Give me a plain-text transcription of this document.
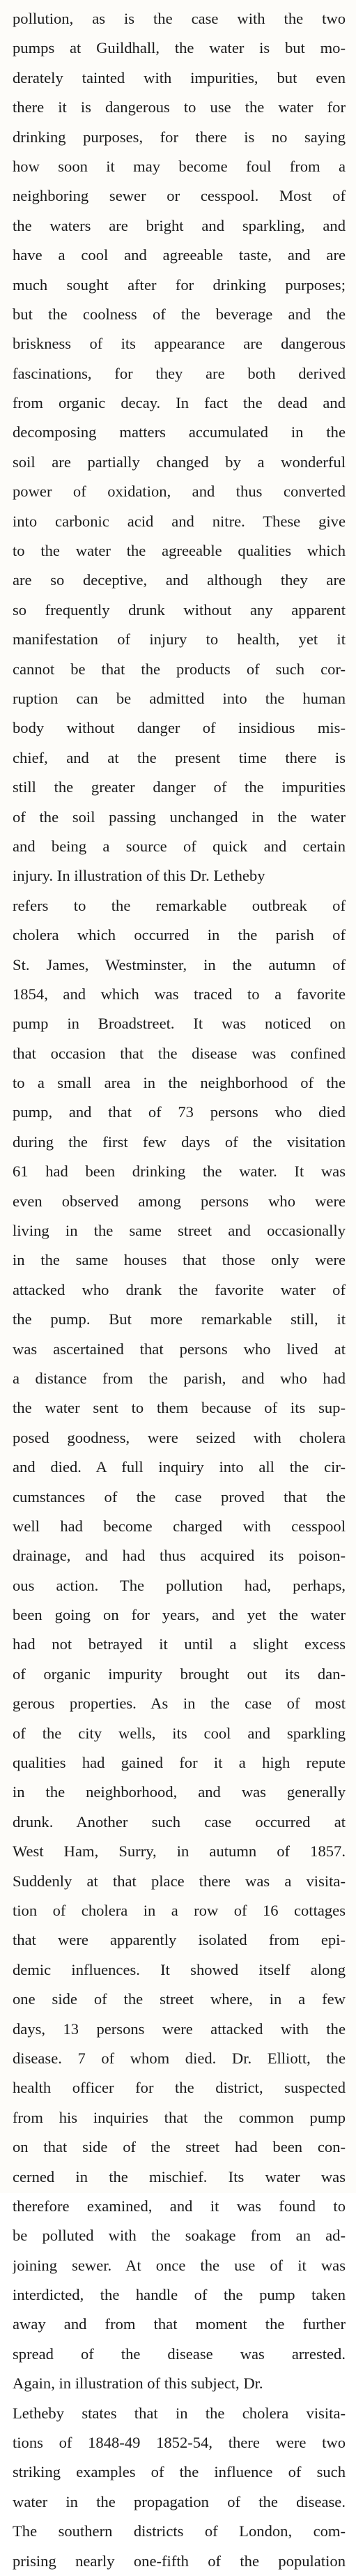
pollution, as is the case with the two
pumps at Guildhall, the water is but mo-
derately tainted with impurities, but even
there it is dangerous to use the water for
drinking purposes, for there is no saying
how soon it may become foul from a
neighboring sewer or cesspool. Most of
the waters are bright and sparkling, and
have a cool and agreeable taste, and are
much sought after for drinking purposes;
but the coolness of the beverage and the
briskness of its appearance are dangerous
fascinations, for they are both derived
from organic decay. In fact the dead and
decomposing matters accumulated in the
soil are partially changed by a wonderful
power of oxidation, and thus converted
into carbonic acid and nitre. These give
to the water the agreeable qualities which
are so deceptive, and although they are
so frequently drunk without any apparent
manifestation of injury to health, yet it
cannot be that the products of such cor-
ruption can be admitted into the human
body without danger of insidious mis-
chief, and at the present time there is
still the greater danger of the impurities
of the soil passing unchanged in the water
and being a source of quick and certain
injury. In illustration of this Dr. Letheby
refers to the remarkable outbreak of
cholera which occurred in the parish of
St. James, Westminster, in the autumn of
1854, and which was traced to a favorite
pump in Broadstreet. It was noticed on
that occasion that the disease was confined
to a small area in the neighborhood of the
pump, and that of 73 persons who died
during the first few days of the visitation
61 had been drinking the water. It was
even observed among persons who were
living in the same street and occasionally
in the same houses that those only were
attacked who drank the favorite water of
the pump. But more remarkable still, it
was ascertained that persons who lived at
a distance from the parish, and who had
the water sent to them because of its sup-
posed goodness, were seized with cholera
and died. A full inquiry into all the cir-
cumstances of the case proved that the
well had become charged with cesspool
drainage, and had thus acquired its poison-
ous action. The pollution had, perhaps,
been going on for years, and yet the water
had not betrayed it until a slight excess
of organic impurity brought out its dan-
gerous properties. As in the case of most
of the city wells, its cool and sparkling
qualities had gained for it a high repute
in the neighborhood, and was generally
drunk. Another such case occurred at
West Ham, Surry, in autumn of 1857.
Suddenly at that place there was a visita-
tion of cholera in a row of 16 cottages
that were apparently isolated from epi-
demic influences. It showed itself along
one side of the street where, in a few
days, 13 persons were attacked with the
disease. 7 of whom died. Dr. Elliott, the
health officer for the district, suspected
from his inquiries that the common pump
on that side of the street had been con-
cerned in the mischief. Its water was
therefore examined, and it was found to
be polluted with the soakage from an ad-
joining sewer. At once the use of it was
interdicted, the handle of the pump taken
away and from that moment the further
spread of the disease was arrested.
Again, in illustration of this subject, Dr.
Letheby states that in the cholera visita-
tions of 1848-49 1852-54, there were two
striking examples of the influence of such
water in the propagation of the disease.
The southern districts of London, com-
prising nearly one-fifth of the population
